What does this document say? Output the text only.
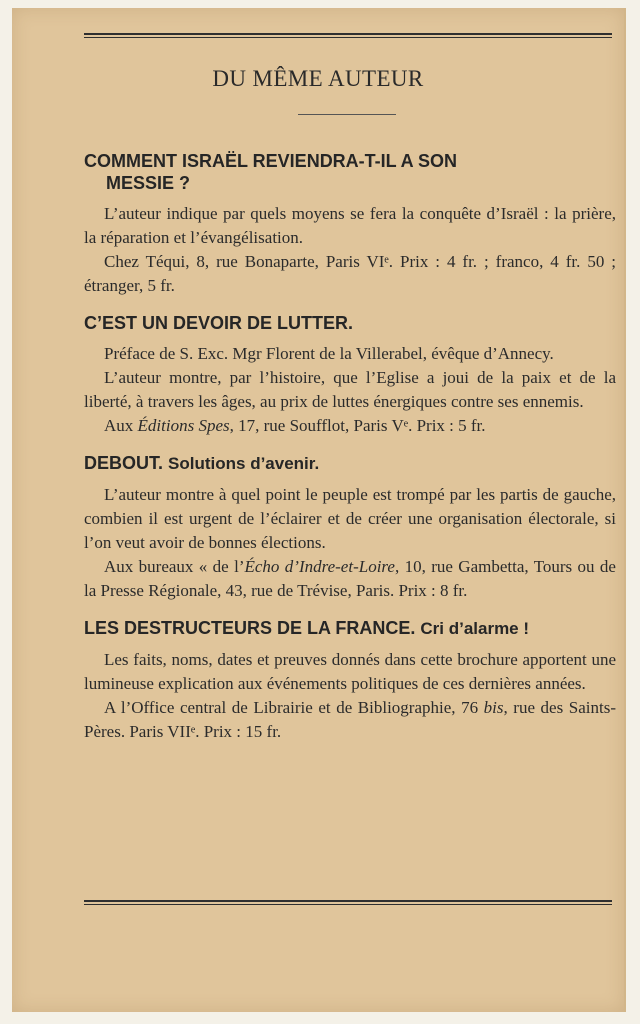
DU MÊME AUTEUR
COMMENT ISRAËL REVIENDRA-T-IL A SON
MESSIE ?

L’auteur indique par quels moyens se fera la conquête d’Israël : la prière, la réparation et l’évangélisation.

Chez Téqui, 8, rue Bonaparte, Paris VIᵉ. Prix : 4 fr. ; franco, 4 fr. 50 ; étranger, 5 fr.

C’EST UN DEVOIR DE LUTTER.

Préface de S. Exc. Mgr Florent de la Villerabel, évêque d’Annecy.

L’auteur montre, par l’histoire, que l’Eglise a joui de la paix et de la liberté, à travers les âges, au prix de luttes énergiques contre ses ennemis.

Aux Éditions Spes, 17, rue Soufflot, Paris Vᵉ. Prix : 5 fr.

DEBOUT. Solutions d’avenir.

L’auteur montre à quel point le peuple est trompé par les partis de gauche, combien il est urgent de l’éclairer et de créer une organisation électorale, si l’on veut avoir de bonnes élections.

Aux bureaux « de l’Écho d’Indre-et-Loire, 10, rue Gambetta, Tours ou de la Presse Régionale, 43, rue de Trévise, Paris. Prix : 8 fr.

LES DESTRUCTEURS DE LA FRANCE. Cri d’alarme !

Les faits, noms, dates et preuves donnés dans cette brochure apportent une lumineuse explication aux événements politiques de ces dernières années.

A l’Office central de Librairie et de Bibliographie, 76 bis, rue des Saints-Pères. Paris VIIᵉ. Prix : 15 fr.
